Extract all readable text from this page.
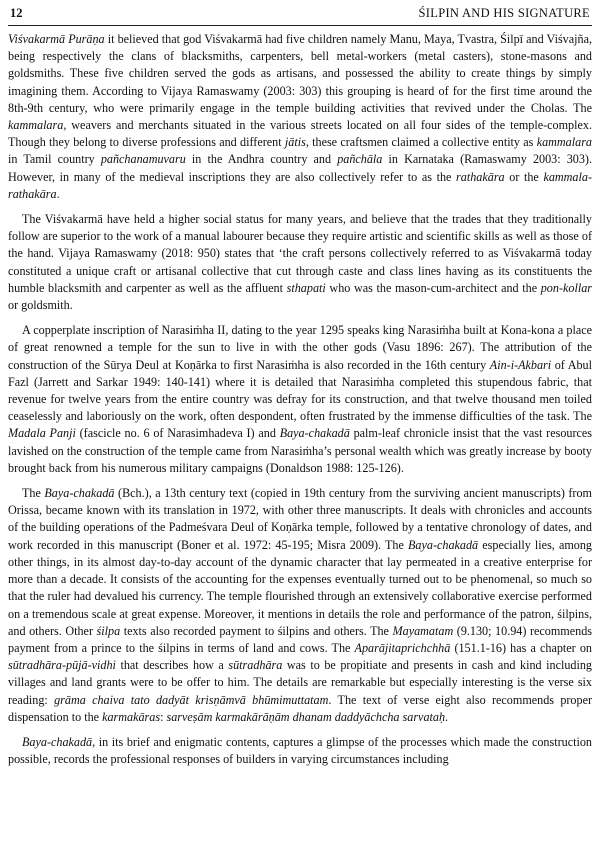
12	ŚILPIN AND HIS SIGNATURE

Viśvakarmā Purāṇa it believed that god Viśvakarmā had five children namely Manu, Maya, Tvastra, Śilpī and Viśvajña, being respectively the clans of blacksmiths, carpenters, bell metal-workers (metal casters), stone-masons and goldsmiths. These five children served the gods as artisans, and possessed the ability to create things by simply imagining them. According to Vijaya Ramaswamy (2003: 303) this grouping is heard of for the first time around the 8th-9th century, who were primarily engage in the temple building activities that revived under the Cholas. The kammalara, weavers and merchants situated in the various streets located on all four sides of the temple-complex. Though they belong to diverse professions and different jātis, these craftsmen claimed a collective entity as kammalara in Tamil country pañchanamuvaru in the Andhra country and pañchāla in Karnataka (Ramaswamy 2003: 303). However, in many of the medieval inscriptions they are also collectively refer to as the rathakāra or the kammala-rathakāra.

The Viśvakarmā have held a higher social status for many years, and believe that the trades that they traditionally follow are superior to the work of a manual labourer because they require artistic and scientific skills as well as those of the hand. Vijaya Ramaswamy (2018: 950) states that ‘the craft persons collectively referred to as Viśvakarmā today constituted a unique craft or artisanal collective that cut through caste and class lines having as its constituents the humble blacksmith and carpenter as well as the affluent sthapati who was the mason-cum-architect and the pon-kollar or goldsmith.

A copperplate inscription of Narasiṁha II, dating to the year 1295 speaks king Narasiṁha built at Kona-kona a place of great renowned a temple for the sun to live in with the other gods (Vasu 1896: 267). The attribution of the construction of the Sūrya Deul at Koṇārka to first Narasiṁha is also recorded in the 16th century Ain-i-Akbari of Abul Fazl (Jarrett and Sarkar 1949: 140-141) where it is detailed that Narasiṁha completed this stupendous fabric, that revenue for twelve years from the entire country was defray for its construction, and that twelve thousand men toiled ceaselessly and laboriously on the work, often despondent, often frustrated by the immense difficulties of the task. The Madala Panji (fascicle no. 6 of Narasimhadeva I) and Baya-chakadā palm-leaf chronicle insist that the vast resources lavished on the construction of the temple came from Narasiṁha’s personal wealth which was greatly increase by booty brought back from his numerous military campaigns (Donaldson 1988: 125-126).

The Baya-chakadā (Bch.), a 13th century text (copied in 19th century from the surviving ancient manuscripts) from Orissa, became known with its translation in 1972, with other three manuscripts. It deals with chronicles and accounts of the building operations of the Padmeśvara Deul of Koṇārka temple, followed by a tentative chronology of dates, and work recorded in this manuscript (Boner et al. 1972: 45-195; Misra 2009). The Baya-chakadā especially lies, among other things, in its almost day-to-day account of the dynamic character that lay permeated in a creative enterprise for more than a decade. It consists of the accounting for the expenses eventually turned out to be phenomenal, so much so that the ruler had devalued his currency. The temple flourished through an extensively collaborative exercise performed on a tremendous scale at great expense. Moreover, it mentions in details the role and performance of the patron, śilpins, and others. Other śilpa texts also recorded payment to śilpins and others. The Mayamatam (9.130; 10.94) recommends payment from a prince to the śilpins in terms of land and cows. The Aparājitaprichchhā (151.1-16) has a chapter on sūtradhāra-pūjā-vidhi that describes how a sūtradhāra was to be propitiate and presents in cash and kind including villages and land grants were to be offer to him. The details are remarkable but especially interesting is the verse six reading: grāma chaiva tato dadyāt krisṇāmvā bhūmimuttatam. The text of verse eight also recommends proper dispensation to the karmakāras: sarveṣām karmakārāṇām dhanam daddyāchcha sarvataḥ.

Baya-chakadā, in its brief and enigmatic contents, captures a glimpse of the processes which made the construction possible, records the professional responses of builders in varying circumstances including
